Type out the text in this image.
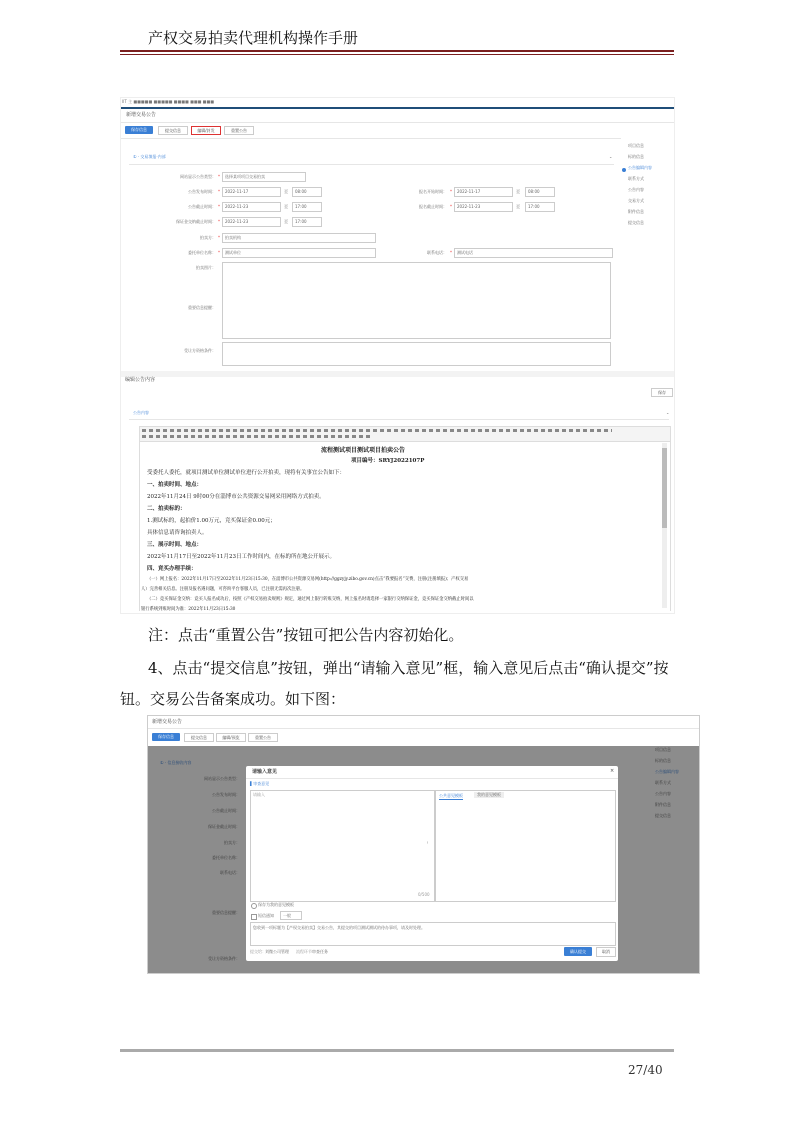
产权交易拍卖代理机构操作手册
IIT 主 ■■■■■ ■■■■■ ■■■■ ■■■ ■■■
新增交易公告
保存信息	提交信息	编辑/封发	重置公告
项目信息
标的信息
公告编辑内容
联系方式
公告内容
交易方式
附件信息
提交信息
① · 交易填报·内部	⌄
网站显示公告类型： *	选择某项项目交易拍卖
公告发布时间： *	2022-11-17	至	08:00	报名开始时间： *	2022-11-17	至	08:00
公告截止时间： *	2022-11-23	至	17:00	报名截止时间： *	2022-11-23	至	17:00
保证金交纳截止时间： *	2022-11-23	至	17:00
拍卖方： *	拍卖机构
委托单位名称： *	测试单位	联系电话： *	测试电话
拍卖图片：
重要信息提醒：
受让方资格条件：
编辑公告内容
保存
公告内容	⌄
流程测试项目测试项目拍卖公告
项目编号：SRYJ2022107P
受委托人委托，就项目测试单位测试单位进行公开拍卖，现将有关事宜公告如下：
一、拍卖时间、地点：
2022年11月24日 9时00分在淄博市公共资源交易网采用网络方式拍卖。
二、拍卖标的：
1.测试标的，起拍价1.00万元，竞买保证金0.00元；
具体信息请咨询拍卖人。
三、展示时间、地点：
2022年11月17日至2022年11月23日工作时间内，在标的所在地公开展示。
四、竞买办理手续：
（一）网上报名：2022年11月17日至2022年11月23日15:30，在淄博市公共资源交易网(http://ggzyjy.zibo.gov.cn)点击“我要报名”交费，注册(注册填报)；产权交易
人）完善相关信息。注册及报名遇问题，可咨询平台客服人员，已注册无需再次注册。
（二）竞买保证金交纳：竞买人报名成功后，按照《产权交易拍卖规则》规定，通过网上银行转账交纳，网上报名时请选择一家银行交纳保证金，竞买保证金交纳截止时间以
银行系统到账时间为准：2022年11月23日15:30
注：点击“重置公告”按钮可把公告内容初始化。
4、点击“提交信息”按钮，弹出“请输入意见”框，输入意见后点击“确认提交”按
钮。交易公告备案成功。如下图：
新增交易公告
保存信息	提交信息	编辑/预览	重置公告
项目信息
标的信息
公告编辑内容
联系方式
公告内容
附件信息
提交信息
① · 信息接收内容
网站显示公告类型：
公告发布时间：
公告截止时间：
保证金截止时间：
拍卖方：
委托单位名称：
联系电话：
重要信息提醒：
受让方资格条件：
请输入意见	×
▌审查意见
请输入
0/500
⁞
公共意见模板	我的意见模板
保存为我的意见模板
短信通知	一般
您收到一项标题为【产权交易拍卖】交易公告，其提交的项目测试测试的待办事项，请及时处理。
提交给： 刘微公司管理 流程环节：
审查任务	确认提交	取消
27/40
